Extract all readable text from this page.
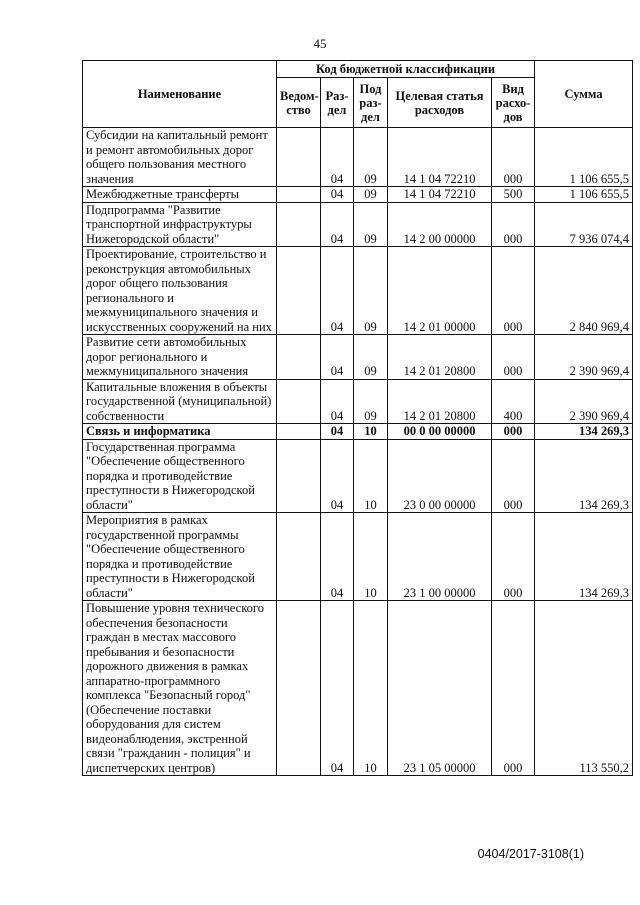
45
Наименование	Код бюджетной классификации					Сумма
	Ведом-ство	Раз-дел	Под раз-дел	Целевая статья расходов	Вид расхо-дов	
Субсидии на капитальный ремонт и ремонт автомобильных дорог общего пользования местного значения		04	09	14 1 04 72210	000	1 106 655,5
Межбюджетные трансферты		04	09	14 1 04 72210	500	1 106 655,5
Подпрограмма "Развитие транспортной инфраструктуры Нижегородской области"		04	09	14 2 00 00000	000	7 936 074,4
Проектирование, строительство и реконструкция автомобильных дорог общего пользования регионального и межмуниципального значения и искусственных сооружений на них		04	09	14 2 01 00000	000	2 840 969,4
Развитие сети автомобильных дорог регионального и межмуниципального значения		04	09	14 2 01 20800	000	2 390 969,4
Капитальные вложения в объекты государственной (муниципальной) собственности		04	09	14 2 01 20800	400	2 390 969,4
Связь и информатика		04	10	00 0 00 00000	000	134 269,3
Государственная программа "Обеспечение общественного порядка и противодействие преступности в Нижегородской области"		04	10	23 0 00 00000	000	134 269,3
Мероприятия в рамках государственной программы "Обеспечение общественного порядка и противодействие преступности в Нижегородской области"		04	10	23 1 00 00000	000	134 269,3
Повышение уровня технического обеспечения безопасности граждан в местах массового пребывания и безопасности дорожного движения в рамках аппаратно-программного комплекса "Безопасный город" (Обеспечение поставки оборудования для систем видеонаблюдения, экстренной связи "гражданин - полиция" и диспетчерских центров)		04	10	23 1 05 00000	000	113 550,2
0404/2017-3108(1)
